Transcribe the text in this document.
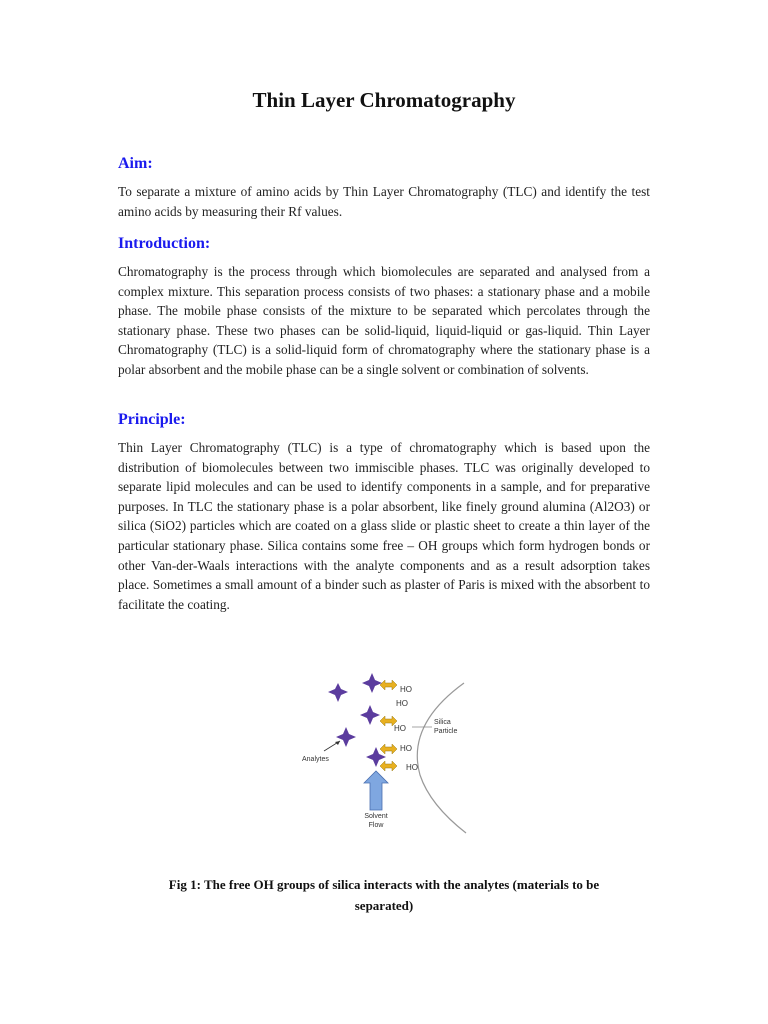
Thin Layer Chromatography
Aim:

To separate a mixture of amino acids by Thin Layer Chromatography (TLC) and identify the test amino acids by measuring their Rf values.

Introduction:

Chromatography is the process through which biomolecules are separated and analysed from a complex mixture. This separation process consists of two phases: a stationary phase and a mobile phase. The mobile phase consists of the mixture to be separated which percolates through the stationary phase. These two phases can be solid-liquid, liquid-liquid or gas-liquid. Thin Layer Chromatography (TLC) is a solid-liquid form of chromatography where the stationary phase is a polar absorbent and the mobile phase can be a single solvent or combination of solvents.

Principle:

Thin Layer Chromatography (TLC) is a type of chromatography which is based upon the distribution of biomolecules between two immiscible phases. TLC was originally developed to separate lipid molecules and can be used to identify components in a sample, and for preparative purposes. In TLC the stationary phase is a polar absorbent, like finely ground alumina (Al2O3) or silica (SiO2) particles which are coated on a glass slide or plastic sheet to create a thin layer of the particular stationary phase. Silica contains some free – OH groups which form hydrogen bonds or other Van-der-Waals interactions with the analyte components and as a result adsorption takes place. Sometimes a small amount of a binder such as plaster of Paris is mixed with the absorbent to facilitate the coating.

HO
HO
HO
HO
HO
Silica
Particle
Analytes
Solvent
Flow
Fig 1: The free OH groups of silica interacts with the analytes (materials to be
separated)
